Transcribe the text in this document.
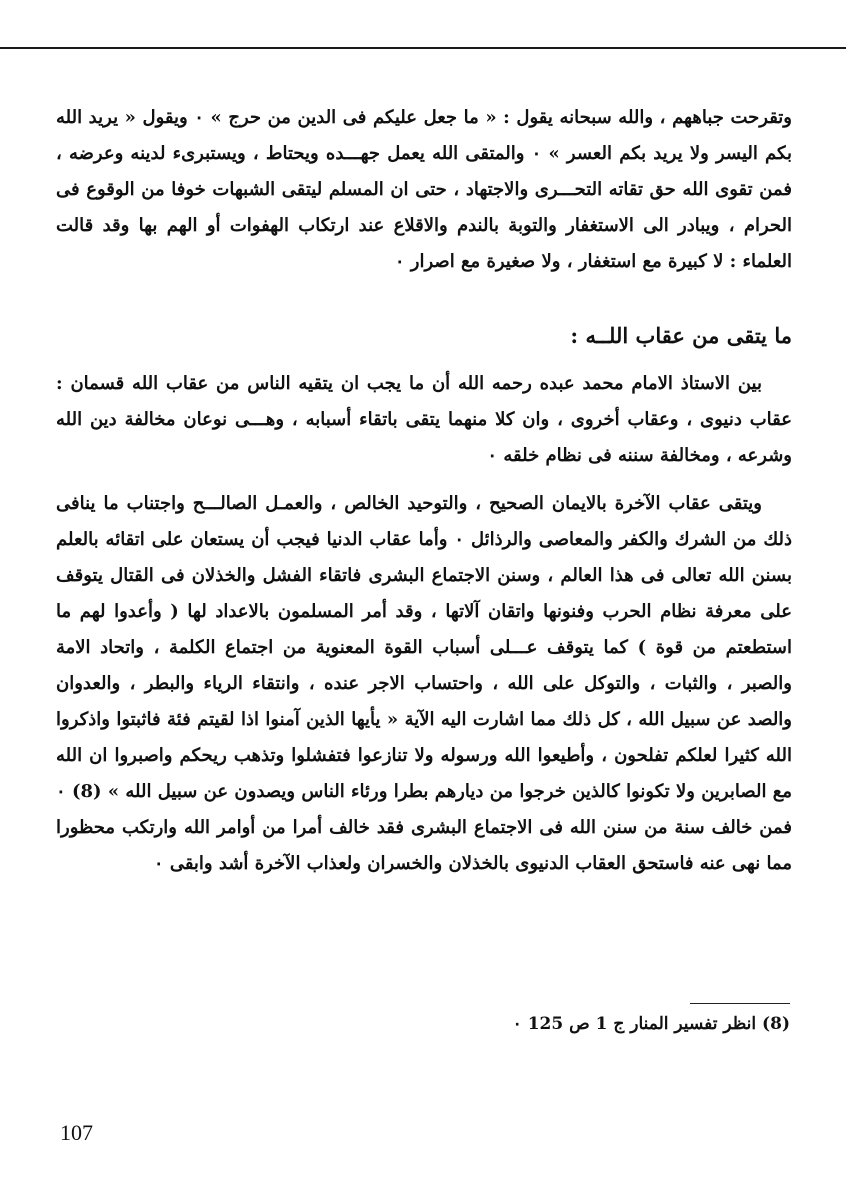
وتقرحت جباههم ، والله سبحانه يقول : « ما جعل عليكم فى الدين من حرج » ٠ ويقول « يريد الله بكم اليسر ولا يريد بكم العسر » ٠ والمتقى الله يعمل جهـــده ويحتاط ، ويستبرىء لدينه وعرضه ، فمن تقوى الله حق تقاته التحـــرى والاجتهاد ، حتى ان المسلم ليتقى الشبهات خوفا من الوقوع فى الحرام ، ويبادر الى الاستغفار والتوبة بالندم والاقلاع عند ارتكاب الهفوات أو الهم بها وقد قالت العلماء : لا كبيرة مع استغفار ، ولا صغيرة مع اصرار ٠

ما يتقى من عقاب اللــه :

بين الاستاذ الامام محمد عبده رحمه الله أن ما يجب ان يتقيه الناس من عقاب الله قسمان : عقاب دنيوى ، وعقاب أخروى ، وان كلا منهما يتقى باتقاء أسبابه ، وهـــى نوعان مخالفة دين الله وشرعه ، ومخالفة سننه فى نظام خلقه ٠

ويتقى عقاب الآخرة بالايمان الصحيح ، والتوحيد الخالص ، والعمـل الصالـــح واجتناب ما ينافى ذلك من الشرك والكفر والمعاصى والرذائل ٠ وأما عقاب الدنيا فيجب أن يستعان على اتقائه بالعلم بسنن الله تعالى فى هذا العالم ، وسنن الاجتماع البشرى فاتقاء الفشل والخذلان فى القتال يتوقف على معرفة نظام الحرب وفنونها واتقان آلاتها ، وقد أمر المسلمون بالاعداد لها ( وأعدوا لهم ما استطعتم من قوة ) كما يتوقف عـــلى أسباب القوة المعنوية من اجتماع الكلمة ، واتحاد الامة والصبر ، والثبات ، والتوكل على الله ، واحتساب الاجر عنده ، وانتقاء الرياء والبطر ، والعدوان والصد عن سبيل الله ، كل ذلك مما اشارت اليه الآية « يأيها الذين آمنوا اذا لقيتم فئة فاثبتوا واذكروا الله كثيرا لعلكم تفلحون ، وأطيعوا الله ورسوله ولا تنازعوا فتفشلوا وتذهب ريحكم واصبروا ان الله مع الصابرين ولا تكونوا كالذين خرجوا من ديارهم بطرا ورئاء الناس ويصدون عن سبيل الله » (8) ٠ فمن خالف سنة من سنن الله فى الاجتماع البشرى فقد خالف أمرا من أوامر الله وارتكب محظورا مما نهى عنه فاستحق العقاب الدنيوى بالخذلان والخسران ولعذاب الآخرة أشد وابقى ٠

(8) انظر تفسير المنار ج 1 ص 125 ٠
107
